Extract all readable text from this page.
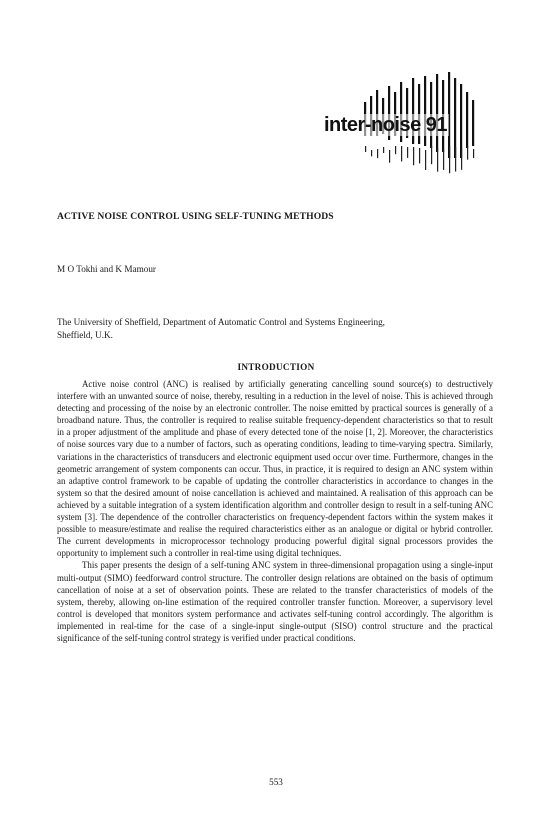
inter-noise 91
ACTIVE NOISE CONTROL USING SELF-TUNING METHODS

M O Tokhi and K Mamour

The University of Sheffield, Department of Automatic Control and Systems Engineering,
Sheffield, U.K.
INTRODUCTION

Active noise control (ANC) is realised by artificially generating cancelling sound source(s) to destructively interfere with an unwanted source of noise, thereby, resulting in a reduction in the level of noise. This is achieved through detecting and processing of the noise by an electronic controller. The noise emitted by practical sources is generally of a broadband nature. Thus, the controller is required to realise suitable frequency-dependent characteristics so that to result in a proper adjustment of the amplitude and phase of every detected tone of the noise [1, 2]. Moreover, the characteristics of noise sources vary due to a number of factors, such as operating conditions, leading to time-varying spectra. Similarly, variations in the characteristics of transducers and electronic equipment used occur over time. Furthermore, changes in the geometric arrangement of system components can occur. Thus, in practice, it is required to design an ANC system within an adaptive control framework to be capable of updating the controller characteristics in accordance to changes in the system so that the desired amount of noise cancellation is achieved and maintained. A realisation of this approach can be achieved by a suitable integration of a system identification algorithm and controller design to result in a self-tuning ANC system [3]. The dependence of the controller characteristics on frequency-dependent factors within the system makes it possible to measure/estimate and realise the required characteristics either as an analogue or digital or hybrid controller. The current developments in microprocessor technology producing powerful digital signal processors provides the opportunity to implement such a controller in real-time using digital techniques.

This paper presents the design of a self-tuning ANC system in three-dimensional propagation using a single-input multi-output (SIMO) feedforward control structure. The controller design relations are obtained on the basis of optimum cancellation of noise at a set of observation points. These are related to the transfer characteristics of models of the system, thereby, allowing on-line estimation of the required controller transfer function. Moreover, a supervisory level control is developed that monitors system performance and activates self-tuning control accordingly. The algorithm is implemented in real-time for the case of a single-input single-output (SISO) control structure and the practical significance of the self-tuning control strategy is verified under practical conditions.

553
